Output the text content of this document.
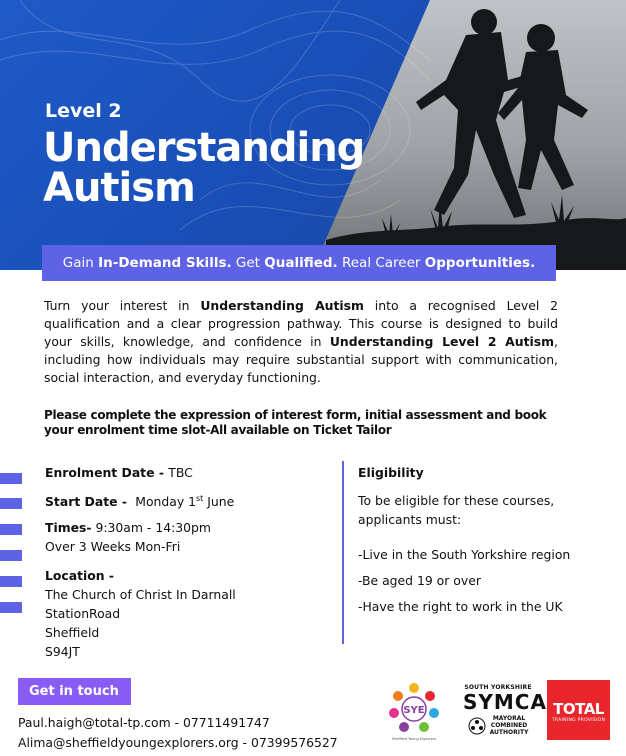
Level 2
Understanding
Autism
Gain In-Demand Skills. Get Qualified. Real Career Opportunities.
Turn your interest in Understanding Autism into a recognised Level 2 qualification and a clear progression pathway. This course is designed to build your skills, knowledge, and confidence in Understanding Level 2 Autism, including how individuals may require substantial support with communication, social interaction, and everyday functioning.
Please complete the expression of interest form, initial assessment and book your enrolment time slot-All available on Ticket Tailor
Enrolment Date - TBC
Start Date -  Monday 1st June
Times- 9:30am - 14:30pm
Over 3 Weeks Mon-Fri
Location -
The Church of Christ In Darnall
StationRoad
Sheffield
S94JT
Eligibility
To be eligible for these courses, applicants must:
-Live in the South Yorkshire region
-Be aged 19 or over
-Have the right to work in the UK
Get in touch
Paul.haigh@total-tp.com - 07711491747
Alima@sheffieldyoungexplorers.org - 07399576527
SYE
Sheffield Young Explorers
SOUTH YORKSHIRE
SYMCA
MAYORAL
COMBINED
AUTHORITY
TOTAL
TRAINING PROVISION
